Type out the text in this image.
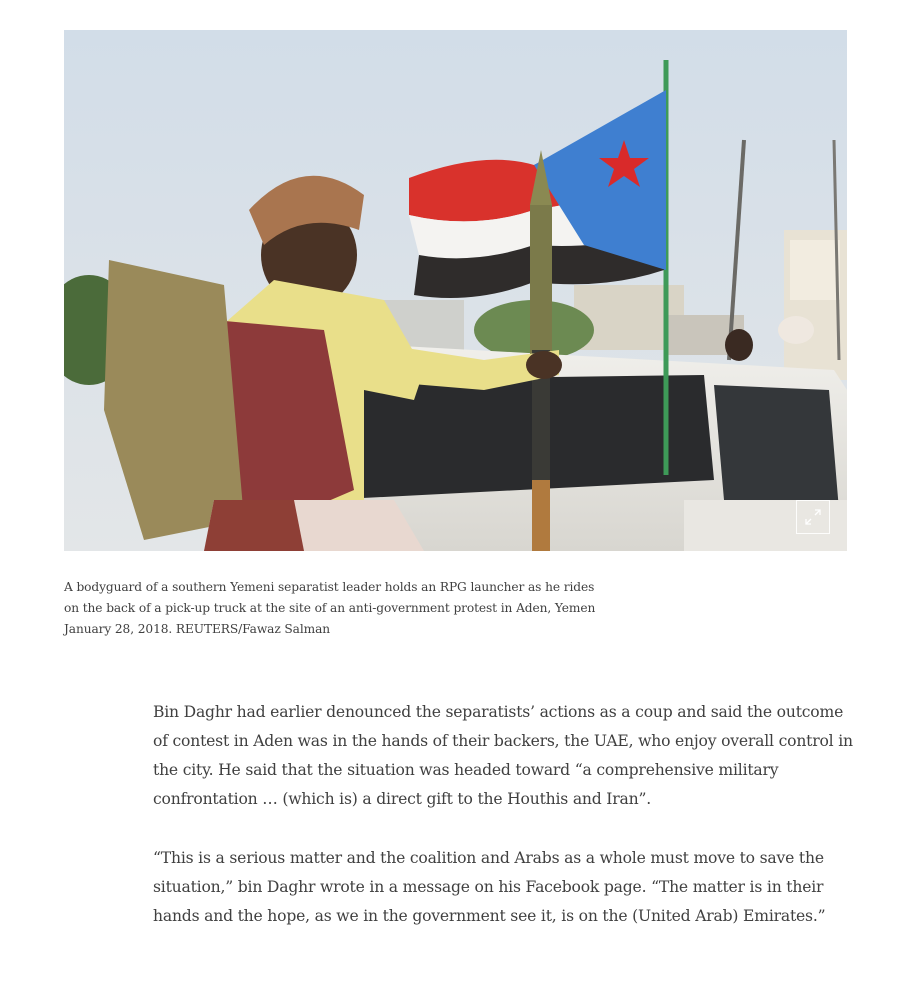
A bodyguard of a southern Yemeni separatist leader holds an RPG launcher as he rides on the back of a pick-up truck at the site of an anti-government protest in Aden, Yemen January 28, 2018. REUTERS/Fawaz Salman

Bin Daghr had earlier denounced the separatists’ actions as a coup and said the outcome of contest in Aden was in the hands of their backers, the UAE, who enjoy overall control in the city. He said that the situation was headed toward “a comprehensive military confrontation … (which is) a direct gift to the Houthis and Iran”.

“This is a serious matter and the coalition and Arabs as a whole must move to save the situation,” bin Daghr wrote in a message on his Facebook page. “The matter is in their hands and the hope, as we in the government see it, is on the (United Arab) Emirates.”
